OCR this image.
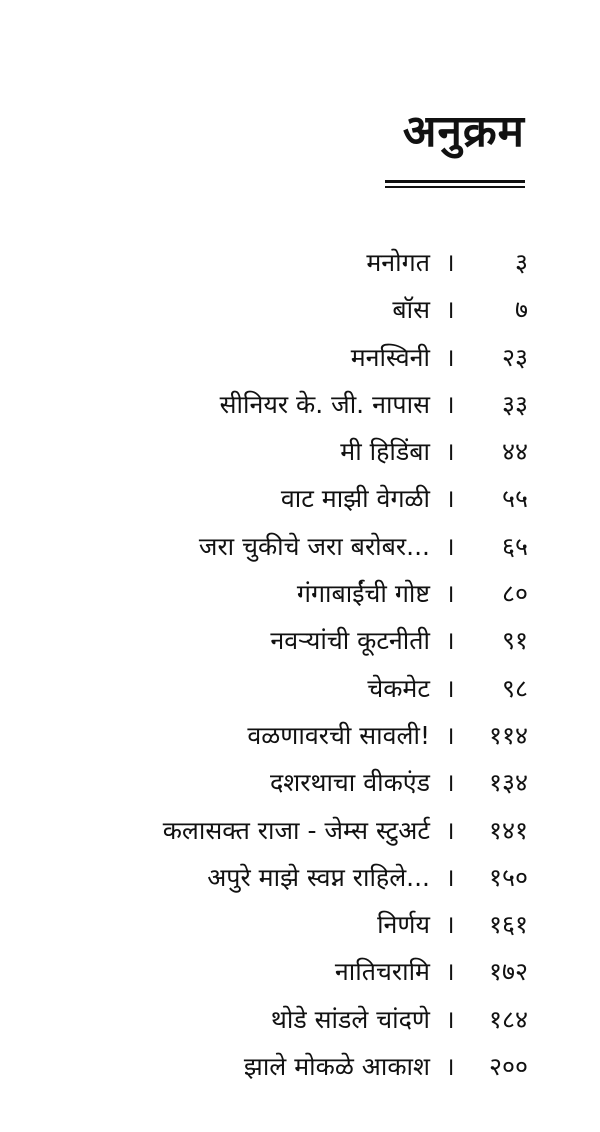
अनुक्रम
मनोगत ।	३
बॉस ।	७
मनस्विनी ।	२३
सीनियर के. जी. नापास ।	३३
मी हिडिंबा ।	४४
वाट माझी वेगळी ।	५५
जरा चुकीचे जरा बरोबर... ।	६५
गंगाबाईंची गोष्ट ।	८०
नवऱ्यांची कूटनीती ।	९१
चेकमेट ।	९८
वळणावरची सावली! ।	११४
दशरथाचा वीकएंड ।	१३४
कलासक्त राजा - जेम्स स्टुअर्ट ।	१४१
अपुरे माझे स्वप्न राहिले... ।	१५०
निर्णय ।	१६१
नातिचरामि ।	१७२
थोडे सांडले चांदणे ।	१८४
झाले मोकळे आकाश ।	२००
